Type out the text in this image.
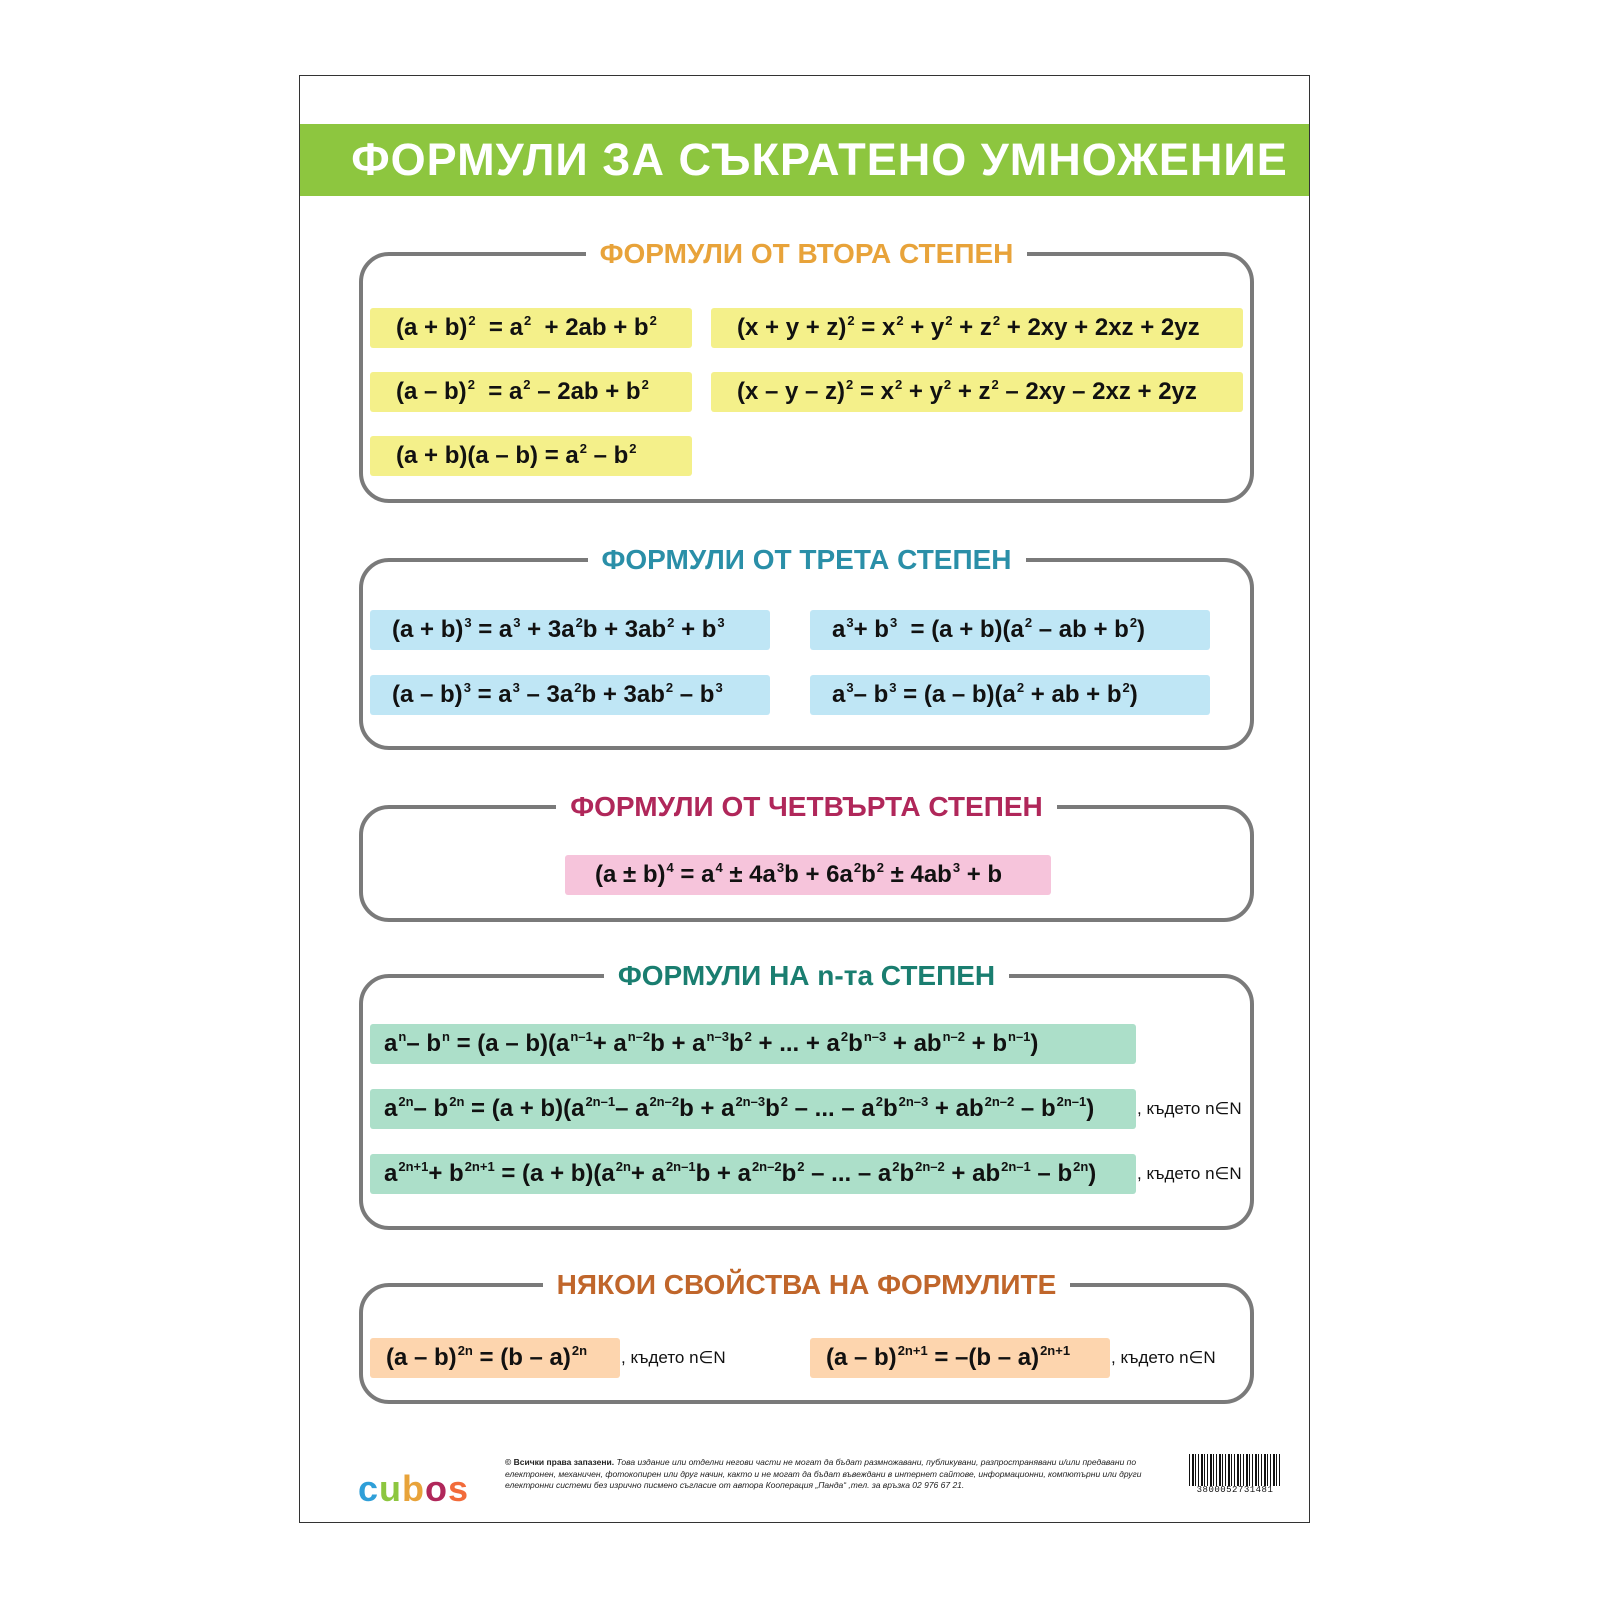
ФОРМУЛИ ЗА СЪКРАТЕНО УМНОЖЕНИЕ
ФОРМУЛИ ОТ ВТОРА СТЕПЕН
$(a + b)^2 = a^2 + 2ab + b^2$
$(a - b)^2 = a^2 - 2ab + b^2$
$(a + b)(a - b) = a^2 - b^2$
$(x + y + z)^2 = x^2 + y^2 + z^2 + 2xy + 2xz + 2yz$
$(x - y - z)^2 = x^2 + y^2 + z^2 - 2xy - 2xz + 2yz$
ФОРМУЛИ ОТ ТРЕТА СТЕПЕН
$(a + b)^3 = a^3 + 3a^2b + 3ab^2 + b^3$
$(a - b)^3 = a^3 - 3a^2b + 3ab^2 - b^3$
$a^3+ b^3 = (a + b)(a^2$ – ab + $b^2$)
$a^3-$ $b^3 = (a - b)(a^2$ + ab + $b^2$)
ФОРМУЛИ ОТ ЧЕТВЪРТА СТЕПЕН
$(a \pm b)^4 = a^4 \pm 4a^3b + 6a^2b^2 \pm 4ab^3 + b$
ФОРМУЛИ НА n-та СТЕПЕН
$a^n-$ $b^n = (a - b)(a^{n-1}+ a^{n-2}b + a^{n-3}b^2$ + ... + $a^2b^{n-3} + ab^{n-2} + b^{n-1}$)
$a^{2n}-$ $b^{2n} = (a + b)(a^{2n-1}-$ $a^{2n-2}b + a^{2n-3}b^2$ – ... – $a^2b^{2n-3} + ab^{2n-2} - b^{2n-1}$)	, където n∈N
$a^{2n+1}+ b^{2n+1} = (a + b)(a^{2n}+ a^{2n-1}b + a^{2n-2}b^2$ – ... – $a^2b^{2n-2} + ab^{2n-1} - b^{2n}$)	, където n∈N
НЯКОИ СВОЙСТВА НА ФОРМУЛИТЕ
(a – b)$^{2n}$ = (b – a)$^{2n}$	, където n∈N	(a – b)$^{2n+1}$ = –(b – a)$^{2n+1}$	, където n∈N
cubos
© Всички права запазени. Това издание или отделни негови части не могат да бъдат размножавани, публикувани, разпространявани и/или предавани по електронен, механичен, фотокопирен или друг начин, както и не могат да бъдат въвеждани в интернет сайтове, информационни, компютърни или други електронни системи без изрично писмено съгласие от автора Кооперация „Панда“ ,тел. за връзка 02 976 67 21.	3800052731481
